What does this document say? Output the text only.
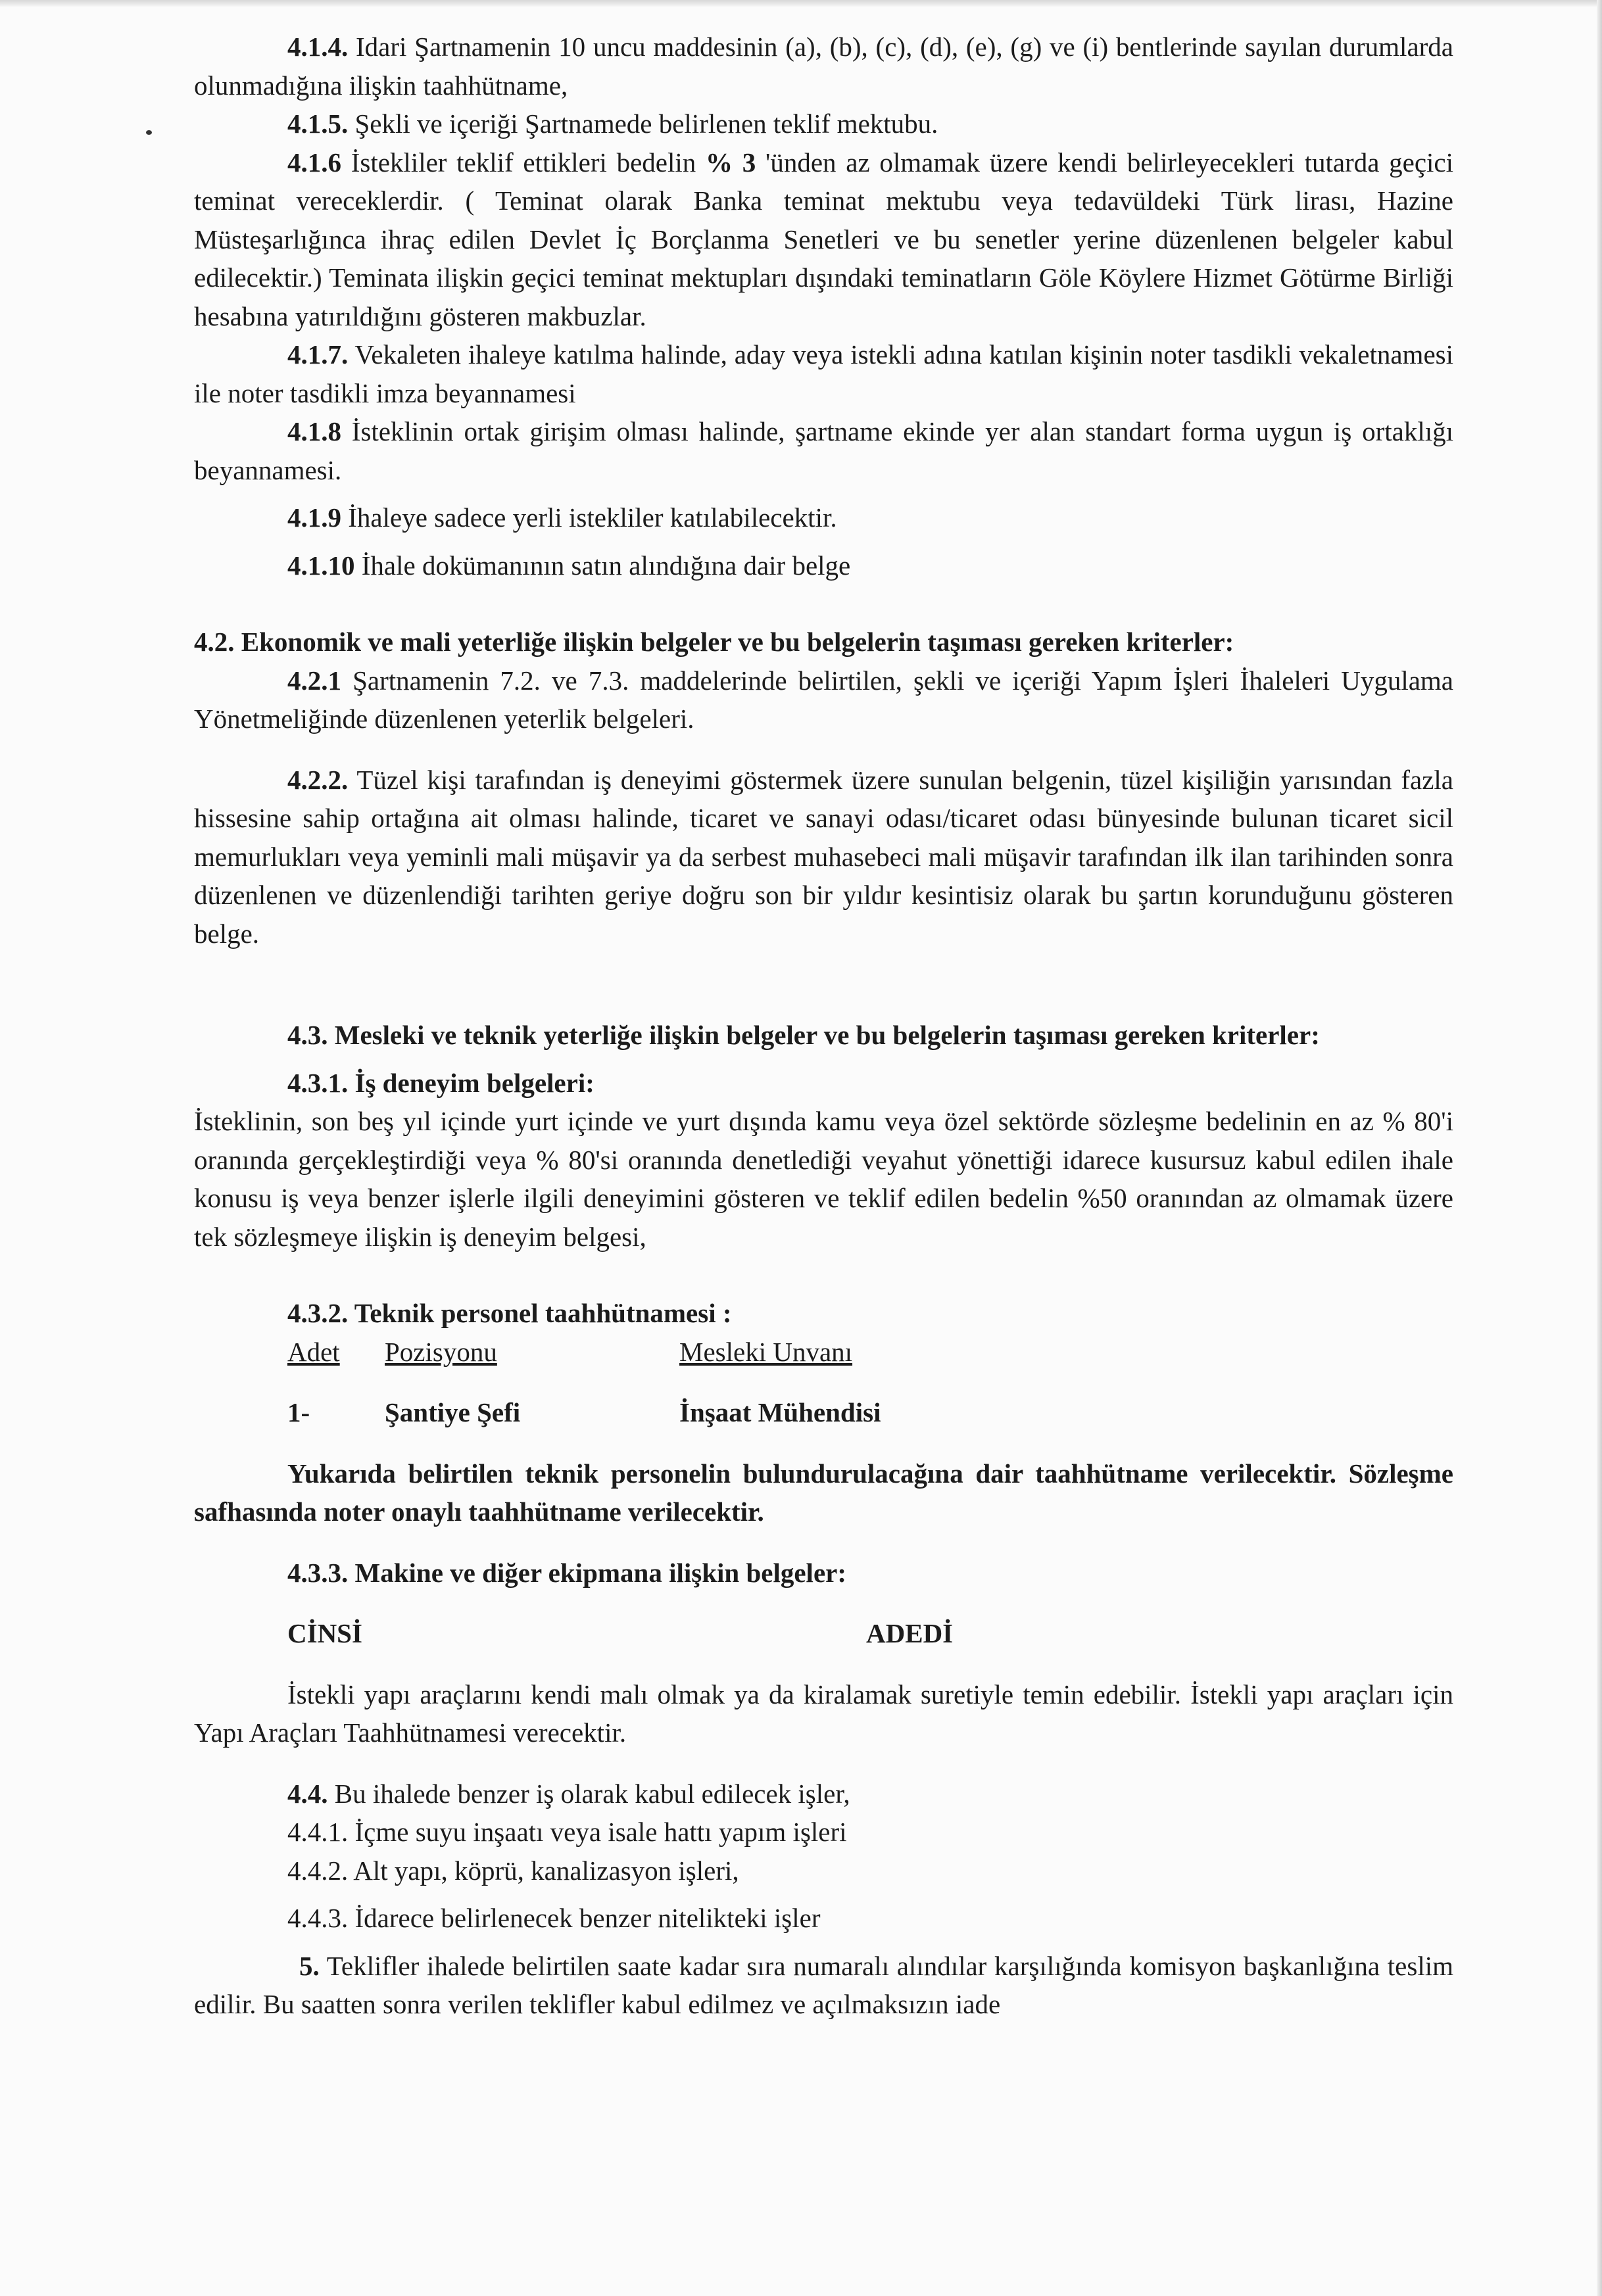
4.1.4. Idari Şartnamenin 10 uncu maddesinin (a), (b), (c), (d), (e), (g) ve (i) bentlerinde sayılan durumlarda olunmadığına ilişkin taahhütname,

4.1.5. Şekli ve içeriği Şartnamede belirlenen teklif mektubu.

4.1.6 İstekliler teklif ettikleri bedelin % 3 'ünden az olmamak üzere kendi belirleyecekleri tutarda geçici teminat vereceklerdir. ( Teminat olarak Banka teminat mektubu veya tedavüldeki Türk lirası, Hazine Müsteşarlığınca ihraç edilen Devlet İç Borçlanma Senetleri ve bu senetler yerine düzenlenen belgeler kabul edilecektir.) Teminata ilişkin geçici teminat mektupları dışındaki teminatların Göle Köylere Hizmet Götürme Birliği hesabına yatırıldığını gösteren makbuzlar.

4.1.7. Vekaleten ihaleye katılma halinde, aday veya istekli adına katılan kişinin noter tasdikli vekaletnamesi ile noter tasdikli imza beyannamesi

4.1.8 İsteklinin ortak girişim olması halinde, şartname ekinde yer alan standart forma uygun iş ortaklığı beyannamesi.

4.1.9 İhaleye sadece yerli istekliler katılabilecektir.

4.1.10 İhale dokümanının satın alındığına dair belge

4.2. Ekonomik ve mali yeterliğe ilişkin belgeler ve bu belgelerin taşıması gereken kriterler:

4.2.1 Şartnamenin 7.2. ve 7.3. maddelerinde belirtilen, şekli ve içeriği Yapım İşleri İhaleleri Uygulama Yönetmeliğinde düzenlenen yeterlik belgeleri.

4.2.2. Tüzel kişi tarafından iş deneyimi göstermek üzere sunulan belgenin, tüzel kişiliğin yarısından fazla hissesine sahip ortağına ait olması halinde, ticaret ve sanayi odası/ticaret odası bünyesinde bulunan ticaret sicil memurlukları veya yeminli mali müşavir ya da serbest muhasebeci mali müşavir tarafından ilk ilan tarihinden sonra düzenlenen ve düzenlendiği tarihten geriye doğru son bir yıldır kesintisiz olarak bu şartın korunduğunu gösteren belge.

4.3. Mesleki ve teknik yeterliğe ilişkin belgeler ve bu belgelerin taşıması gereken kriterler:

4.3.1. İş deneyim belgeleri:

İsteklinin, son beş yıl içinde yurt içinde ve yurt dışında kamu veya özel sektörde sözleşme bedelinin en az % 80'i oranında gerçekleştirdiği veya % 80'si oranında denetlediği veyahut yönettiği idarece kusursuz kabul edilen ihale konusu iş veya benzer işlerle ilgili deneyimini gösteren ve teklif edilen bedelin %50 oranından az olmamak üzere tek sözleşmeye ilişkin iş deneyim belgesi,

4.3.2. Teknik personel taahhütnamesi :

Adet	Pozisyonu	Mesleki Unvanı
1-	Şantiye Şefi	İnşaat Mühendisi

Yukarıda belirtilen teknik personelin bulundurulacağına dair taahhütname verilecektir. Sözleşme safhasında noter onaylı taahhütname verilecektir.

4.3.3. Makine ve diğer ekipmana ilişkin belgeler:

CİNSİ	ADEDİ

İstekli yapı araçlarını kendi malı olmak ya da kiralamak suretiyle temin edebilir. İstekli yapı araçları için Yapı Araçları Taahhütnamesi verecektir.

4.4. Bu ihalede benzer iş olarak kabul edilecek işler,

4.4.1. İçme suyu inşaatı veya isale hattı yapım işleri

4.4.2. Alt yapı, köprü, kanalizasyon işleri,

4.4.3. İdarece belirlenecek benzer nitelikteki işler

5. Teklifler ihalede belirtilen saate kadar sıra numaralı alındılar karşılığında komisyon başkanlığına teslim edilir. Bu saatten sonra verilen teklifler kabul edilmez ve açılmaksızın iade
